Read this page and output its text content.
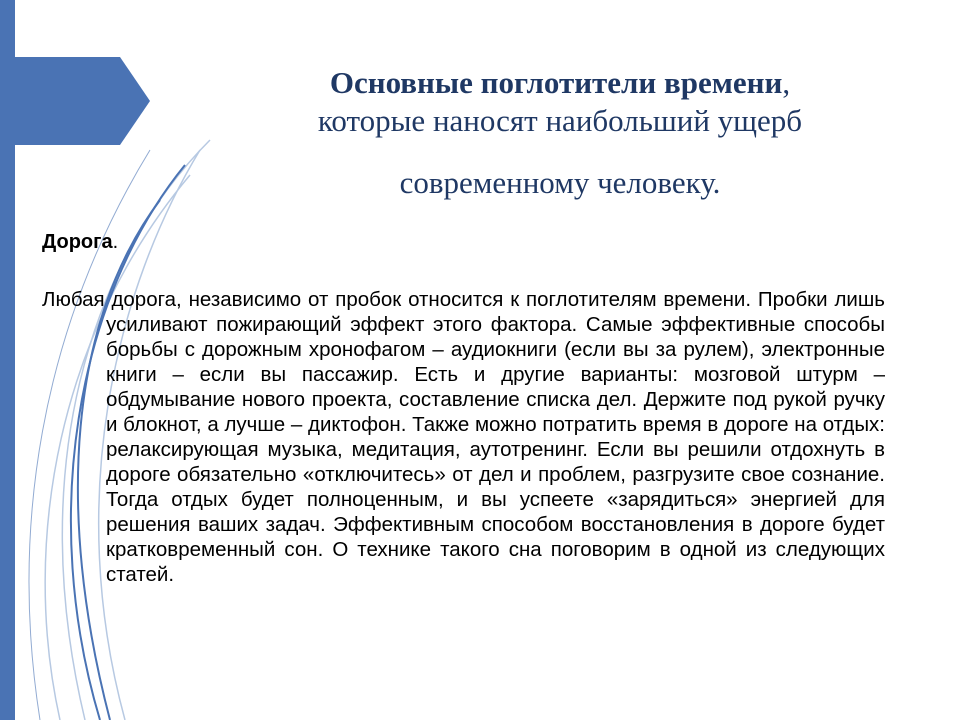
Основные поглотители времени,
которые наносят наибольший ущерб
современному человеку.
Дорога.
Любая дорога, независимо от пробок относится к поглотителям времени. Пробки лишь усиливают пожирающий эффект этого фактора. Самые эффективные способы борьбы с дорожным хронофагом – аудиокниги (если вы за рулем), электронные книги – если вы пассажир. Есть и другие варианты: мозговой штурм – обдумывание нового проекта, составление списка дел. Держите под рукой ручку и блокнот, а лучше – диктофон. Также можно потратить время в дороге на отдых: релаксирующая музыка, медитация, аутотренинг. Если вы решили отдохнуть в дороге обязательно «отключитесь» от дел и проблем, разгрузите свое сознание. Тогда отдых будет полноценным, и вы успеете «зарядиться» энергией для решения ваших задач. Эффективным способом восстановления в дороге будет кратковременный сон. О технике такого сна поговорим в одной из следующих статей.
